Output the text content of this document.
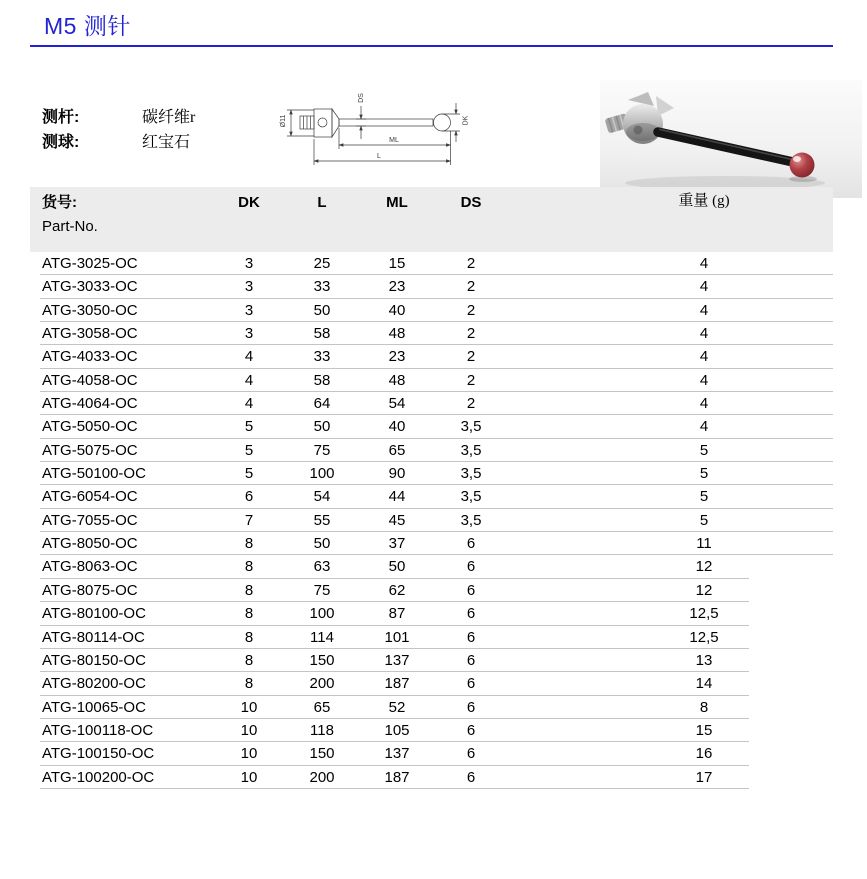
M5 测针
测杆:	碳纤维r
测球:	红宝石
Ø11
DS
DK
ML
L
货号:
Part-No.
DK	L	ML	DS	重量 (g)
ATG-3025-OC	3	25	15	2	4
ATG-3033-OC	3	33	23	2	4
ATG-3050-OC	3	50	40	2	4
ATG-3058-OC	3	58	48	2	4
ATG-4033-OC	4	33	23	2	4
ATG-4058-OC	4	58	48	2	4
ATG-4064-OC	4	64	54	2	4
ATG-5050-OC	5	50	40	3,5	4
ATG-5075-OC	5	75	65	3,5	5
ATG-50100-OC	5	100	90	3,5	5
ATG-6054-OC	6	54	44	3,5	5
ATG-7055-OC	7	55	45	3,5	5
ATG-8050-OC	8	50	37	6	11
ATG-8063-OC	8	63	50	6	12
ATG-8075-OC	8	75	62	6	12
ATG-80100-OC	8	100	87	6	12,5
ATG-80114-OC	8	114	101	6	12,5
ATG-80150-OC	8	150	137	6	13
ATG-80200-OC	8	200	187	6	14
ATG-10065-OC	10	65	52	6	8
ATG-100118-OC	10	118	105	6	15
ATG-100150-OC	10	150	137	6	16
ATG-100200-OC	10	200	187	6	17
